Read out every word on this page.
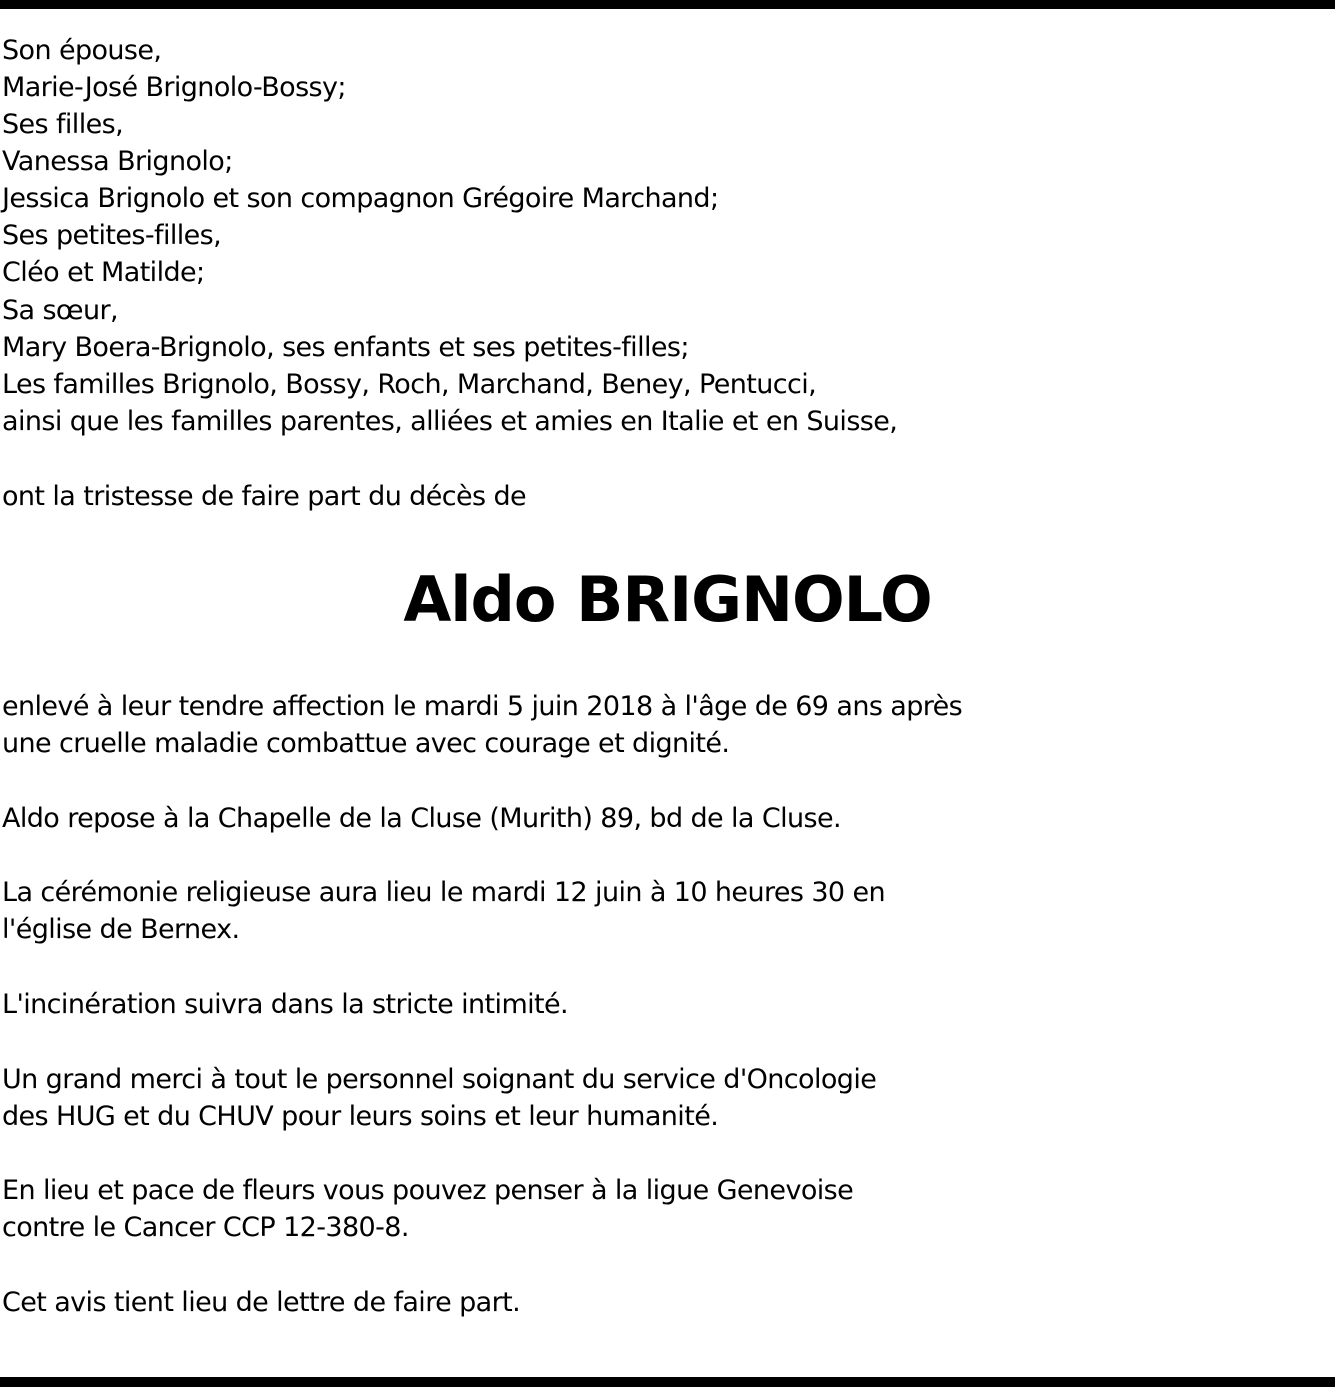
Son épouse,
Marie-José Brignolo-Bossy;
Ses filles,
Vanessa Brignolo;
Jessica Brignolo et son compagnon Grégoire Marchand;
Ses petites-filles,
Cléo et Matilde;
Sa sœur,
Mary Boera-Brignolo, ses enfants et ses petites-filles;
Les familles Brignolo, Bossy, Roch, Marchand, Beney, Pentucci,
ainsi que les familles parentes, alliées et amies en Italie et en Suisse,
ont la tristesse de faire part du décès de
Aldo BRIGNOLO
enlevé à leur tendre affection le mardi 5 juin 2018 à l'âge de 69 ans après
une cruelle maladie combattue avec courage et dignité.
Aldo repose à la Chapelle de la Cluse (Murith) 89, bd de la Cluse.
La cérémonie religieuse aura lieu le mardi 12 juin à 10 heures 30 en
l'église de Bernex.
L'incinération suivra dans la stricte intimité.
Un grand merci à tout le personnel soignant du service d'Oncologie
des HUG et du CHUV pour leurs soins et leur humanité.
En lieu et pace de fleurs vous pouvez penser à la ligue Genevoise
contre le Cancer CCP 12-380-8.
Cet avis tient lieu de lettre de faire part.
